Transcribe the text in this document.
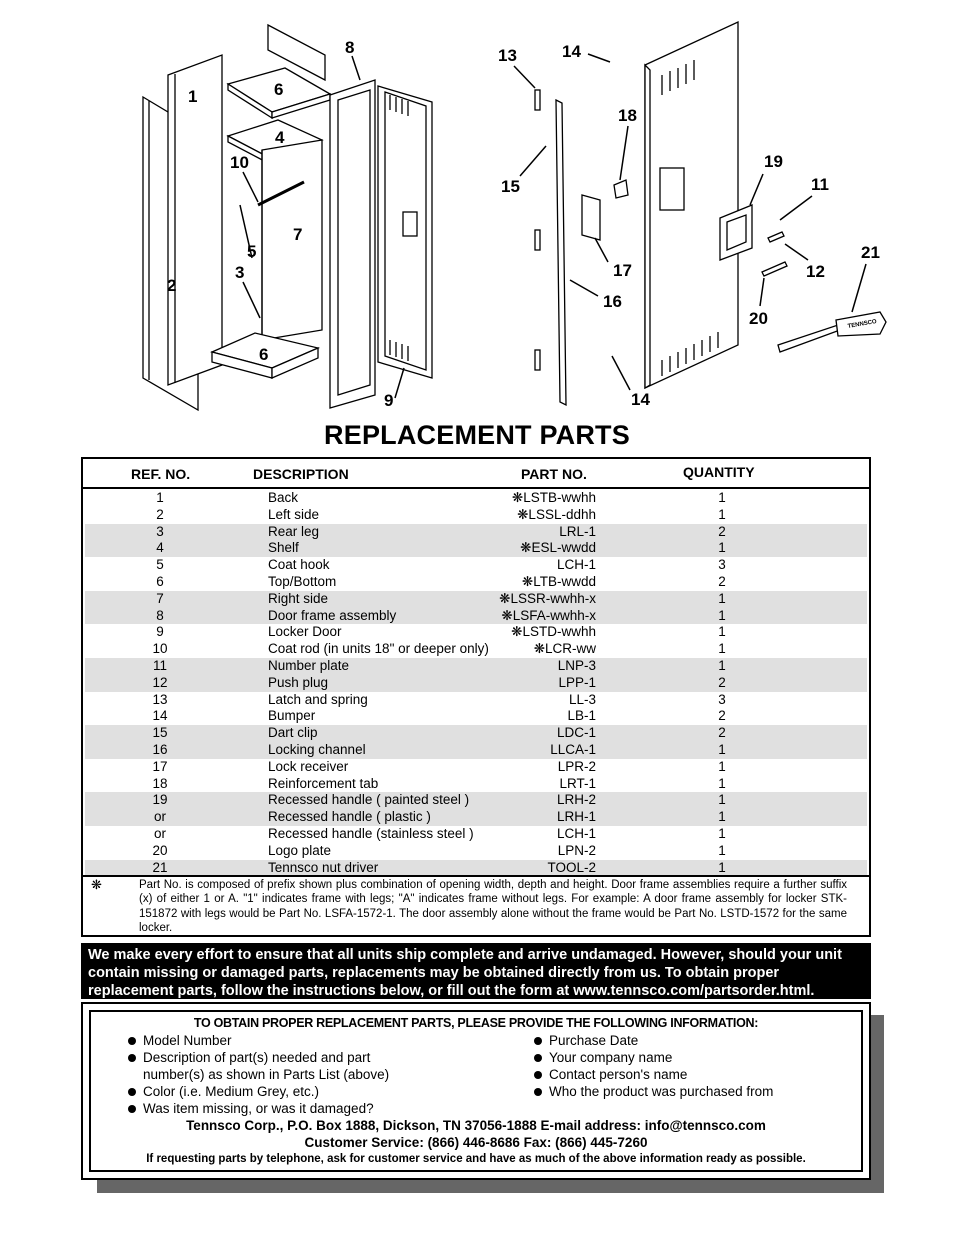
1
2
3
4
5
6
6
7
8
9
10
11
12
13	14
14
15
16
17
18
19
20
21
TENNSCO
REPLACEMENT PARTS
REF. NO.	DESCRIPTION	PART NO.	QUANTITY
1	Back	❋LSTB-wwhh	1
2	Left side	❋LSSL-ddhh	1
3	Rear leg	LRL-1	2
4	Shelf	❋ESL-wwdd	1
5	Coat hook	LCH-1	3
6	Top/Bottom	❋LTB-wwdd	2
7	Right side	❋LSSR-wwhh-x	1
8	Door frame assembly	❋LSFA-wwhh-x	1
9	Locker Door	❋LSTD-wwhh	1
10	Coat rod (in units 18" or deeper only)	❋LCR-ww	1
11	Number plate	LNP-3	1
12	Push plug	LPP-1	2
13	Latch and spring	LL-3	3
14	Bumper	LB-1	2
15	Dart clip	LDC-1	2
16	Locking channel	LLCA-1	1
17	Lock receiver	LPR-2	1
18	Reinforcement tab	LRT-1	1
19	Recessed handle ( painted steel )	LRH-2	1
or	Recessed handle ( plastic )	LRH-1	1
or	Recessed handle (stainless steel )	LCH-1	1
20	Logo plate	LPN-2	1
21	Tennsco nut driver	TOOL-2	1
❋	Part No. is composed of prefix shown plus combination of opening width, depth and height. Door frame assemblies require a further suffix (x) of either 1 or A. "1" indicates frame with legs; "A" indicates frame without legs. For example: A door frame assembly for locker STK-151872 with legs would be Part No. LSFA-1572-1. The door assembly alone without the frame would be Part No. LSTD-1572 for the same locker.
We make every effort to ensure that all units ship complete and arrive undamaged. However, should your unit contain missing or damaged parts, replacements may be obtained directly from us. To obtain proper replacement parts, follow the instructions below, or fill out the form at www.tennsco.com/partsorder.html.
TO OBTAIN PROPER REPLACEMENT PARTS, PLEASE PROVIDE THE FOLLOWING INFORMATION:
Model Number
Description of part(s) needed and part number(s) as shown in Parts List (above)
Color (i.e. Medium Grey, etc.)
Was item missing, or was it damaged?
Purchase Date
Your company name
Contact person's name
Who the product was purchased from
Tennsco Corp., P.O. Box 1888, Dickson, TN 37056-1888 E-mail address: info@tennsco.com
Customer Service: (866) 446-8686 Fax: (866) 445-7260
If requesting parts by telephone, ask for customer service and have as much of the above information ready as possible.
